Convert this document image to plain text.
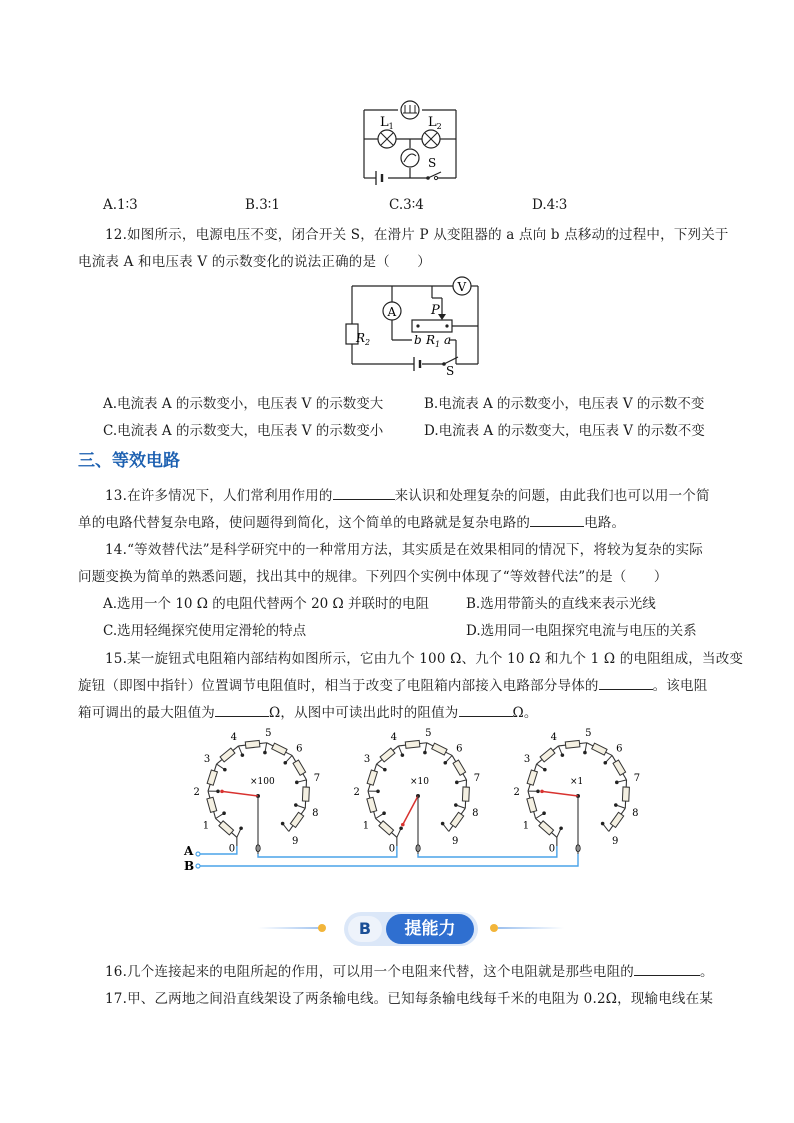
$L_1$	$L_2$
S
A.1∶3	B.3∶1	C.3∶4	D.4∶3
12.如图所示，电源电压不变，闭合开关 S，在滑片 P 从变阻器的 a 点向 b 点移动的过程中，下列关于
电流表 A 和电压表 V 的示数变化的说法正确的是（　　）
A
V
P
$R_2$	b $R_1$ a
S
A.电流表 A 的示数变小，电压表 V 的示数变大	B.电流表 A 的示数变小，电压表 V 的示数不变
C.电流表 A 的示数变大，电压表 V 的示数变小	D.电流表 A 的示数变大，电压表 V 的示数不变
三、等效电路
13.在许多情况下，人们常利用作用的	来认识和处理复杂的问题，由此我们也可以用一个简
单的电路代替复杂电路，使问题得到简化，这个简单的电路就是复杂电路的	电路。
14.“等效替代法”是科学研究中的一种常用方法，其实质是在效果相同的情况下，将较为复杂的实际
问题变换为简单的熟悉问题，找出其中的规律。下列四个实例中体现了“等效替代法”的是（　　）
A.选用一个 10 Ω 的电阻代替两个 20 Ω 并联时的电阻	B.选用带箭头的直线来表示光线
C.选用轻绳探究使用定滑轮的特点	D.选用同一电阻探究电流与电压的关系
15.某一旋钮式电阻箱内部结构如图所示，它由九个 100 Ω、九个 10 Ω 和九个 1 Ω 的电阻组成，当改变
旋钮（即图中指针）位置调节电阻值时，相当于改变了电阻箱内部接入电路部分导体的	。该电阻
箱可调出的最大阻值为	Ω，从图中可读出此时的阻值为	Ω。
A
B
0
1
2
3
4	5
6
7
8
9
×100
0	0
1
2
3
4	5
6
7
8
9
×10
0	0
1
2
3
4	5
6
7
8
9
×1
0
B	提能力
16.几个连接起来的电阻所起的作用，可以用一个电阻来代替，这个电阻就是那些电阻的	。
17.甲、乙两地之间沿直线架设了两条输电线。已知每条输电线每千米的电阻为 0.2Ω，现输电线在某
